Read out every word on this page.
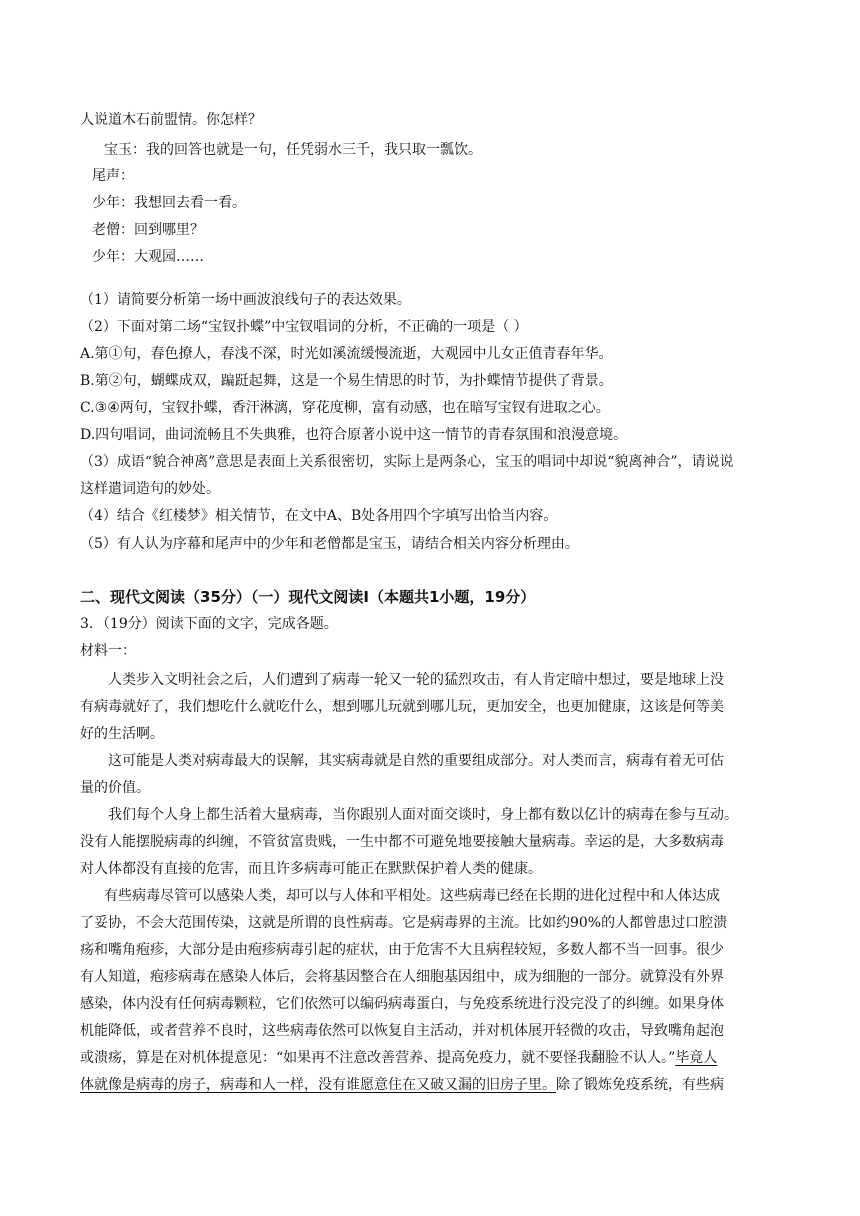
人说道木石前盟情。你怎样？
宝玉：我的回答也就是一句，任凭弱水三千，我只取一瓢饮。
尾声：
少年：我想回去看一看。
老僧：回到哪里？
少年：大观园……
（1）请简要分析第一场中画波浪线句子的表达效果。
（2）下面对第二场“宝钗扑蝶”中宝钗唱词的分析，不正确的一项是（ ）
A.第①句，春色撩人，春浅不深，时光如溪流缓慢流逝，大观园中儿女正值青春年华。
B.第②句，蝴蝶成双，蹁跹起舞，这是一个易生情思的时节，为扑蝶情节提供了背景。
C.③④两句，宝钗扑蝶，香汗淋漓，穿花度柳，富有动感，也在暗写宝钗有进取之心。
D.四句唱词，曲词流畅且不失典雅，也符合原著小说中这一情节的青春氛围和浪漫意境。
（3）成语“貌合神离”意思是表面上关系很密切，实际上是两条心，宝玉的唱词中却说“貌离神合”，请说说
这样遣词造句的妙处。
（4）结合《红楼梦》相关情节，在文中A、B处各用四个字填写出恰当内容。
（5）有人认为序幕和尾声中的少年和老僧都是宝玉，请结合相关内容分析理由。
二、现代文阅读（35分）（一）现代文阅读Ⅰ（本题共1小题，19分）
3．（19分）阅读下面的文字，完成各题。
材料一：
人类步入文明社会之后，人们遭到了病毒一轮又一轮的猛烈攻击，有人肯定暗中想过，要是地球上没
有病毒就好了，我们想吃什么就吃什么，想到哪儿玩就到哪儿玩，更加安全，也更加健康，这该是何等美
好的生活啊。
这可能是人类对病毒最大的误解，其实病毒就是自然的重要组成部分。对人类而言，病毒有着无可估
量的价值。
我们每个人身上都生活着大量病毒，当你跟别人面对面交谈时，身上都有数以亿计的病毒在参与互动。
没有人能摆脱病毒的纠缠，不管贫富贵贱，一生中都不可避免地要接触大量病毒。幸运的是，大多数病毒
对人体都没有直接的危害，而且许多病毒可能正在默默保护着人类的健康。
有些病毒尽管可以感染人类，却可以与人体和平相处。这些病毒已经在长期的进化过程中和人体达成
了妥协，不会大范围传染，这就是所谓的良性病毒。它是病毒界的主流。比如约90%的人都曾患过口腔溃
疡和嘴角疱疹，大部分是由疱疹病毒引起的症状，由于危害不大且病程较短，多数人都不当一回事。很少
有人知道，疱疹病毒在感染人体后，会将基因整合在人细胞基因组中，成为细胞的一部分。就算没有外界
感染，体内没有任何病毒颗粒，它们依然可以编码病毒蛋白，与免疫系统进行没完没了的纠缠。如果身体
机能降低，或者营养不良时，这些病毒依然可以恢复自主活动，并对机体展开轻微的攻击，导致嘴角起泡
或溃疡，算是在对机体提意见：“如果再不注意改善营养、提高免疫力，就不要怪我翻脸不认人。”毕竟人
体就像是病毒的房子，病毒和人一样，没有谁愿意住在又破又漏的旧房子里。除了锻炼免疫系统，有些病
